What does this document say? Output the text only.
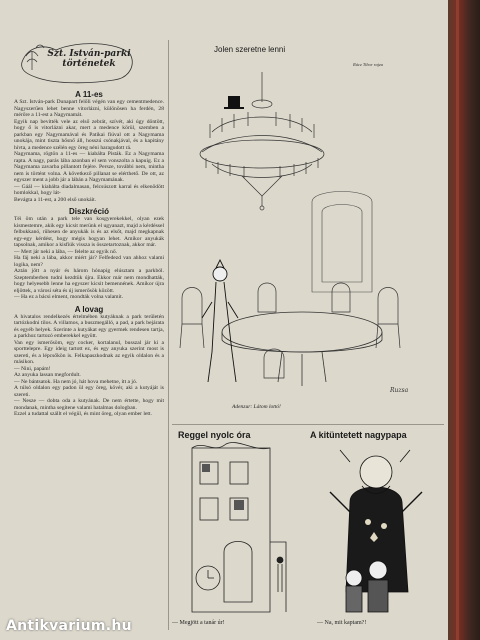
Szt. István-parki történetek

A 11-es

A Szt. István-park Dunapart felőli végén van egy cementmedence. Nagyszerűen lehet benne vitorlázni, különösen ha ferdén, 28 mérőre a 11-est a Nagymamát.

Egyik nap bevitték vele az első zebrát, szívét, aki úgy döntött, hogy ő is vitorlázni akar, mert a medence körül, szemben a parkban egy Nagymamával és Patikai fiúval ott a Nagymama unokája, mint tiszta hősnő áll, hosszú csónakjával, és a kapitány hívta, a medence szélén egy öreg néni haragudott rá.

Nagymama, rögtön a 11-es — kiabálta Pisták. Ez a Nagymama rapta. A nagy, parás lába azonban el sem vonszolta a kapuig. Ez a Nagymama zavarba pillantott fejére. Persze, további nem, mintha nem is történt volna. A következő pillanat se elérthető. De ott, az egyszer ment a jobb jár a lábán a Nagymamának.

— Gáál — kiabálta diadalmasan, felcsúszott karral és elkenődött homlokkal, hogy lát-

Bevágta a 11-est, a 200 első unokáit.

Diszkréció

Téi öm után a park tele van kosgyerekekkel, olyan ezek kismestemre, akik egy kicsit merünk el ugyanazt, majd a kérdéssel felbukkanó, rühesen de anyukák is és az elsőt, majd megkapnak egy-egy kérdést, hogy mégis hogyan lehet. Amikor anyukák tapsolnak, amikor a kisfiúk vissza is összetartoznak, akkor már.

— Mert jár neki a lába, — felelte az egyik nő.

Ha fáj neki a lába, akkor miért jár? Felfedezd van ahhoz valami logika, nem?

Aztán jött a nyár és három hónapig elúsztam a parkból. Szeptemberben tudni kezdtük újra. Ekkor már nem mondhatták, hogy helyesebb lenne ha egyszer kicsit bemennének. Amikor újra eljöttek, a városi séta és új ismerősök között.

— Ha ez a bácsi elment, mondták volna valamit.

A lovag

A hivatalos rendelkezés értelmében kutyáknak a park területén tartózkodni tilos. A villamos, a buszmegálló, a pad, a park bejárata és egyéb helyek. Szerinte a kutyákat egy gyermek rendesen tartja, a parkhoz tartozó emberekkel együtt.

Van egy ismerősöm, egy cocker, kortalanul, busszal jár ki a sporttelepre. Egy ideig tartott ez, és egy anyuka szerint most is szereti, és a lépcsőkön is. Felkapaszkodnak az egyik oldalon és a másikon.

— Nini, papám!

Az anyuka lassan megfordult.

— Ne bántsatok. Ha nem jó, hát hova mehetne, itt a jó.

A túlsó oldalon egy padon ül egy öreg, kövér, aki a kutyáját is szereti.

— Nesze — dobta oda a kutyának. De nem értette, hogy mit mondanak, mintha segítene valami hatalmas dologban.

Ezzel a tudattal szállt el végül, és mint öreg, olyan ember lett.

Jolen szeretne lenni
Rácz Tibor rajza
Ruzsa
Adenzur: Látom lottó!
Reggel nyolc óra	A kitüntetett nagypapa
— Megjött a tanár úr!	— Na, mit kaptam?!
Antikvarium.hu
